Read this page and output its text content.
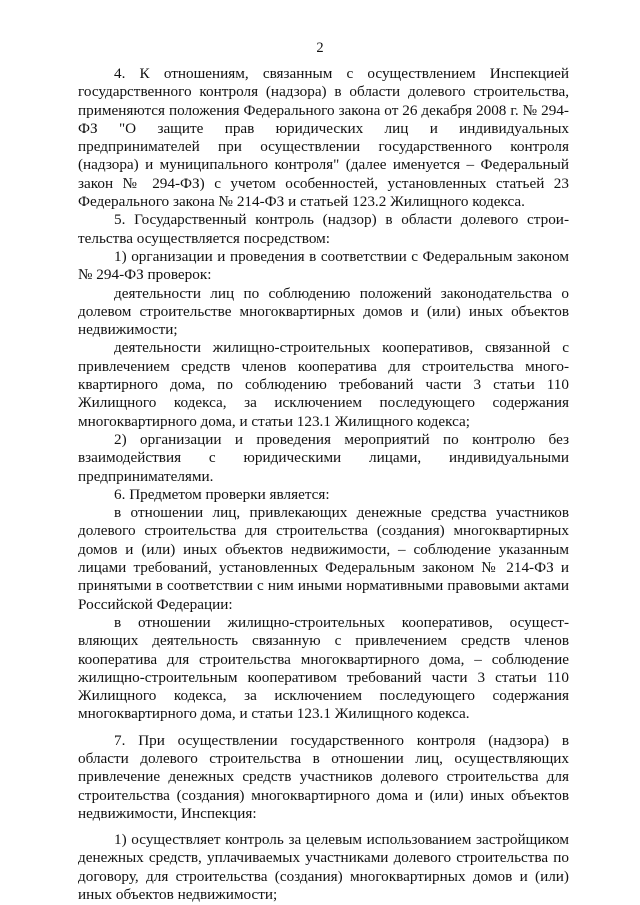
2

4. К отношениям, связанным с осуществлением Инспекцией государственного контроля (надзора) в области долевого строительства, применяются положения Федерального закона от 26 декабря 2008 г. № 294-ФЗ "О защите прав юридических лиц и индивидуальных предпринимателей при осуществлении государственного контроля (надзора) и муниципального контроля" (далее именуется – Федеральный закон № 294-ФЗ) с учетом особенностей, установленных статьей 23 Федерального закона № 214-ФЗ и статьей 123.2 Жилищного кодекса.

5. Государственный контроль (надзор) в области долевого строительства осуществляется посредством:

1) организации и проведения в соответствии с Федеральным законом № 294-ФЗ проверок:

деятельности лиц по соблюдению положений законодательства о долевом строительстве многоквартирных домов и (или) иных объектов недвижимости;

деятельности жилищно-строительных кооперативов, связанной с привлечением средств членов кооператива для строительства многоквартирного дома, по соблюдению требований части 3 статьи 110 Жилищного кодекса, за исключением последующего содержания многоквартирного дома, и статьи 123.1 Жилищного кодекса;

2) организации и проведения мероприятий по контролю без взаимодействия с юридическими лицами, индивидуальными предпринимателями.

6. Предметом проверки является:

в отношении лиц, привлекающих денежные средства участников долевого строительства для строительства (создания) многоквартирных домов и (или) иных объектов недвижимости, – соблюдение указанным лицами требований, установленных Федеральным законом № 214-ФЗ и принятыми в соответствии с ним иными нормативными правовыми актами Российской Федерации:

в отношении жилищно-строительных кооперативов, осуществляющих деятельность связанную с привлечением средств членов кооператива для строительства многоквартирного дома, – соблюдение жилищно-строительным кооперативом требований части 3 статьи 110 Жилищного кодекса, за исключением последующего содержания многоквартирного дома, и статьи 123.1 Жилищного кодекса.

7. При осуществлении государственного контроля (надзора) в области долевого строительства в отношении лиц, осуществляющих привлечение денежных средств участников долевого строительства для строительства (создания) многоквартирного дома и (или) иных объектов недвижимости, Инспекция:

1) осуществляет контроль за целевым использованием застройщиком денежных средств, уплачиваемых участниками долевого строительства по договору, для строительства (создания) многоквартирных домов и (или) иных объектов недвижимости;
